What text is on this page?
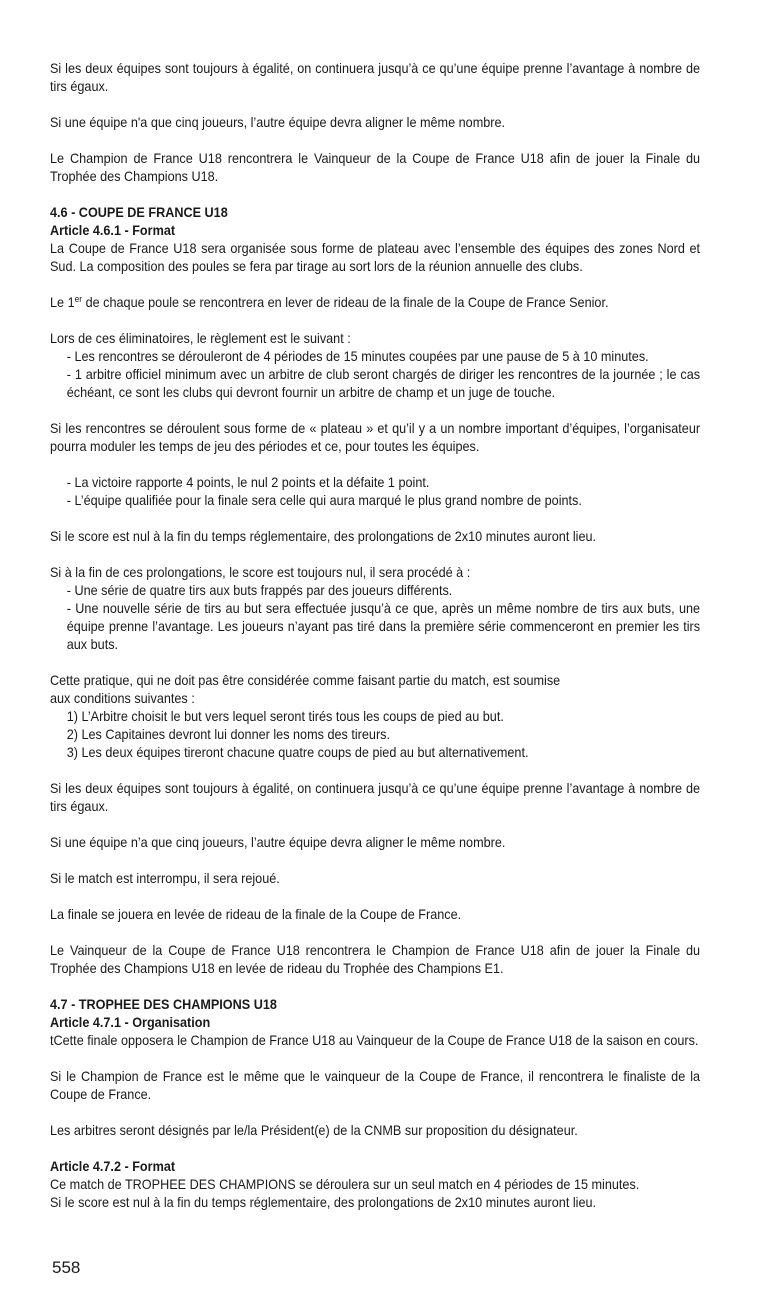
Si les deux équipes sont toujours à égalité, on continuera jusqu’à ce qu’une équipe prenne l’avantage à nombre de tirs égaux.

Si une équipe n'a que cinq joueurs, l’autre équipe devra aligner le même nombre.

Le Champion de France U18 rencontrera le Vainqueur de la Coupe de France U18 afin de jouer la Finale du Trophée des Champions U18.

4.6 - COUPE DE FRANCE U18

Article 4.6.1 - Format

La Coupe de France U18 sera organisée sous forme de plateau avec l’ensemble des équipes des zones Nord et Sud. La composition des poules se fera par tirage au sort lors de la réunion annuelle des clubs.

Le 1er de chaque poule se rencontrera en lever de rideau de la finale de la Coupe de France Senior.

Lors de ces éliminatoires, le règlement est le suivant :

- Les rencontres se dérouleront de 4 périodes de 15 minutes coupées par une pause de 5 à 10 minutes.

- 1 arbitre officiel minimum avec un arbitre de club seront chargés de diriger les rencontres de la journée ; le cas échéant, ce sont les clubs qui devront fournir un arbitre de champ et un juge de touche.

Si les rencontres se déroulent sous forme de « plateau » et qu’il y a un nombre important d’équipes, l’organisateur pourra moduler les temps de jeu des périodes et ce, pour toutes les équipes.

- La victoire rapporte 4 points, le nul 2 points et la défaite 1 point.

- L’équipe qualifiée pour la finale sera celle qui aura marqué le plus grand nombre de points.

Si le score est nul à la fin du temps réglementaire, des prolongations de 2x10 minutes auront lieu.

Si à la fin de ces prolongations, le score est toujours nul, il sera procédé à :

- Une série de quatre tirs aux buts frappés par des joueurs différents.

- Une nouvelle série de tirs au but sera effectuée jusqu’à ce que, après un même nombre de tirs aux buts, une équipe prenne l’avantage. Les joueurs n’ayant pas tiré dans la première série commenceront en premier les tirs aux buts.

Cette pratique, qui ne doit pas être considérée comme faisant partie du match, est soumise

aux conditions suivantes :

1) L’Arbitre choisit le but vers lequel seront tirés tous les coups de pied au but.

2) Les Capitaines devront lui donner les noms des tireurs.

3) Les deux équipes tireront chacune quatre coups de pied au but alternativement.

Si les deux équipes sont toujours à égalité, on continuera jusqu’à ce qu’une équipe prenne l’avantage à nombre de tirs égaux.

Si une équipe n’a que cinq joueurs, l’autre équipe devra aligner le même nombre.

Si le match est interrompu, il sera rejoué.

La finale se jouera en levée de rideau de la finale de la Coupe de France.

Le Vainqueur de la Coupe de France U18 rencontrera le Champion de France U18 afin de jouer la Finale du Trophée des Champions U18 en levée de rideau du Trophée des Champions E1.

4.7 - TROPHEE DES CHAMPIONS U18

Article 4.7.1 - Organisation

tCette finale opposera le Champion de France U18 au Vainqueur de la Coupe de France U18 de la saison en cours.

Si le Champion de France est le même que le vainqueur de la Coupe de France, il rencontrera le finaliste de la Coupe de France.

Les arbitres seront désignés par le/la Président(e) de la CNMB sur proposition du désignateur.

Article 4.7.2 - Format

Ce match de TROPHEE DES CHAMPIONS se déroulera sur un seul match en 4 périodes de 15 minutes.

Si le score est nul à la fin du temps réglementaire, des prolongations de 2x10 minutes auront lieu.

558
